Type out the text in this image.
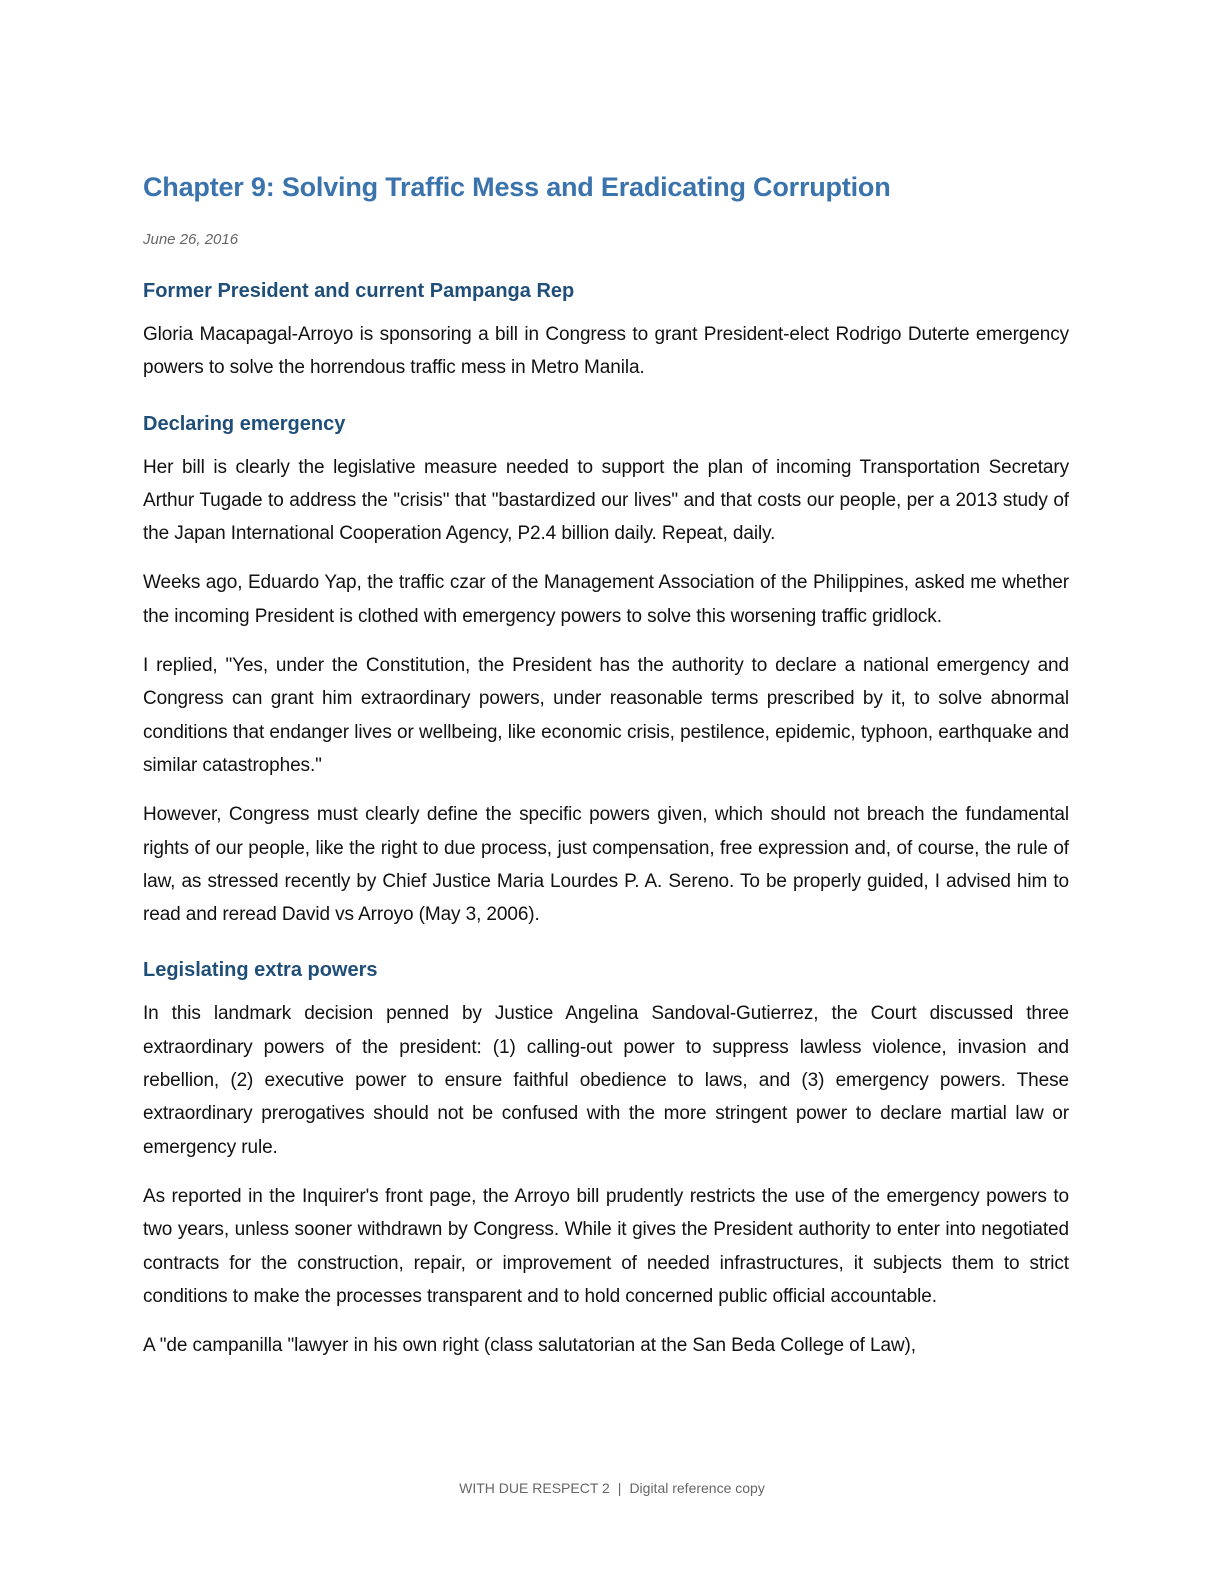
Chapter 9: Solving Traffic Mess and Eradicating Corruption

June 26, 2016

Former President and current Pampanga Rep

Gloria Macapagal-Arroyo is sponsoring a bill in Congress to grant President-elect Rodrigo Duterte emergency powers to solve the horrendous traffic mess in Metro Manila.

Declaring emergency

Her bill is clearly the legislative measure needed to support the plan of incoming Transportation Secretary Arthur Tugade to address the "crisis" that "bastardized our lives" and that costs our people, per a 2013 study of the Japan International Cooperation Agency, P2.4 billion daily. Repeat, daily.

Weeks ago, Eduardo Yap, the traffic czar of the Management Association of the Philippines, asked me whether the incoming President is clothed with emergency powers to solve this worsening traffic gridlock.

I replied, "Yes, under the Constitution, the President has the authority to declare a national emergency and Congress can grant him extraordinary powers, under reasonable terms prescribed by it, to solve abnormal conditions that endanger lives or wellbeing, like economic crisis, pestilence, epidemic, typhoon, earthquake and similar catastrophes."

However, Congress must clearly define the specific powers given, which should not breach the fundamental rights of our people, like the right to due process, just compensation, free expression and, of course, the rule of law, as stressed recently by Chief Justice Maria Lourdes P. A. Sereno. To be properly guided, I advised him to read and reread David vs Arroyo (May 3, 2006).

Legislating extra powers

In this landmark decision penned by Justice Angelina Sandoval-Gutierrez, the Court discussed three extraordinary powers of the president: (1) calling-out power to suppress lawless violence, invasion and rebellion, (2) executive power to ensure faithful obedience to laws, and (3) emergency powers. These extraordinary prerogatives should not be confused with the more stringent power to declare martial law or emergency rule.

As reported in the Inquirer's front page, the Arroyo bill prudently restricts the use of the emergency powers to two years, unless sooner withdrawn by Congress. While it gives the President authority to enter into negotiated contracts for the construction, repair, or improvement of needed infrastructures, it subjects them to strict conditions to make the processes transparent and to hold concerned public official accountable.

A "de campanilla "lawyer in his own right (class salutatorian at the San Beda College of Law),

WITH DUE RESPECT 2 | Digital reference copy
